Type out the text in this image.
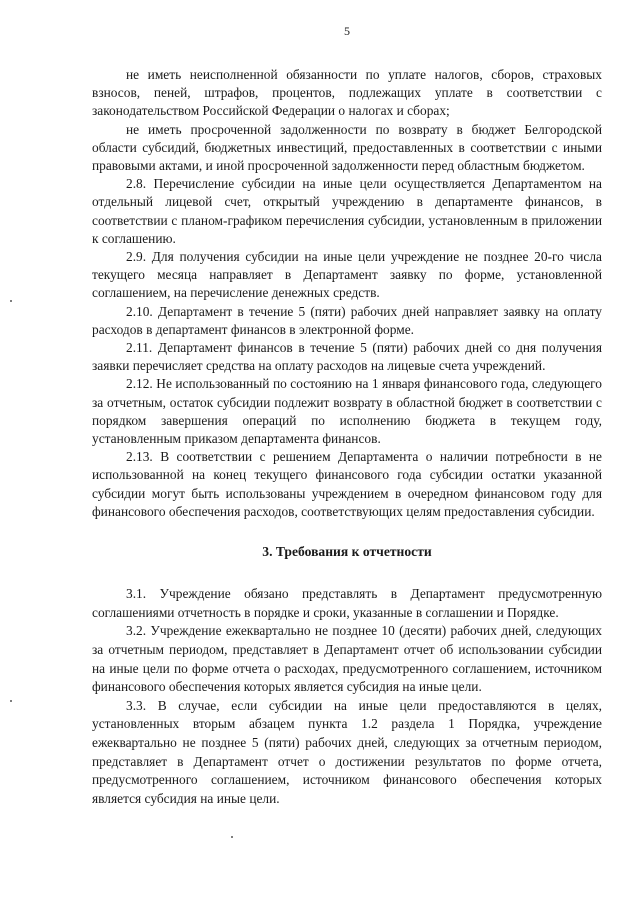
5

не иметь неисполненной обязанности по уплате налогов, сборов, страховых взносов, пеней, штрафов, процентов, подлежащих уплате в соответствии с законодательством Российской Федерации о налогах и сборах;

не иметь просроченной задолженности по возврату в бюджет Белгородской области субсидий, бюджетных инвестиций, предоставленных в соответствии с иными правовыми актами, и иной просроченной задолженности перед областным бюджетом.

2.8. Перечисление субсидии на иные цели осуществляется Департаментом на отдельный лицевой счет, открытый учреждению в департаменте финансов, в соответствии с планом-графиком перечисления субсидии, установленным в приложении к соглашению.

2.9. Для получения субсидии на иные цели учреждение не позднее 20-го числа текущего месяца направляет в Департамент заявку по форме, установленной соглашением, на перечисление денежных средств.

2.10. Департамент в течение 5 (пяти) рабочих дней направляет заявку на оплату расходов в департамент финансов в электронной форме.

2.11. Департамент финансов в течение 5 (пяти) рабочих дней со дня получения заявки перечисляет средства на оплату расходов на лицевые счета учреждений.

2.12. Не использованный по состоянию на 1 января финансового года, следующего за отчетным, остаток субсидии подлежит возврату в областной бюджет в соответствии с порядком завершения операций по исполнению бюджета в текущем году, установленным приказом департамента финансов.

2.13. В соответствии с решением Департамента о наличии потребности в не использованной на конец текущего финансового года субсидии остатки указанной субсидии могут быть использованы учреждением в очередном финансовом году для финансового обеспечения расходов, соответствующих целям предоставления субсидии.

3. Требования к отчетности

3.1. Учреждение обязано представлять в Департамент предусмотренную соглашениями отчетность в порядке и сроки, указанные в соглашении и Порядке.

3.2. Учреждение ежеквартально не позднее 10 (десяти) рабочих дней, следующих за отчетным периодом, представляет в Департамент отчет об использовании субсидии на иные цели по форме отчета о расходах, предусмотренного соглашением, источником финансового обеспечения которых является субсидия на иные цели.

3.3. В случае, если субсидии на иные цели предоставляются в целях, установленных вторым абзацем пункта 1.2 раздела 1 Порядка, учреждение ежеквартально не позднее 5 (пяти) рабочих дней, следующих за отчетным периодом, представляет в Департамент отчет о достижении результатов по форме отчета, предусмотренного соглашением, источником финансового обеспечения которых является субсидия на иные цели.
